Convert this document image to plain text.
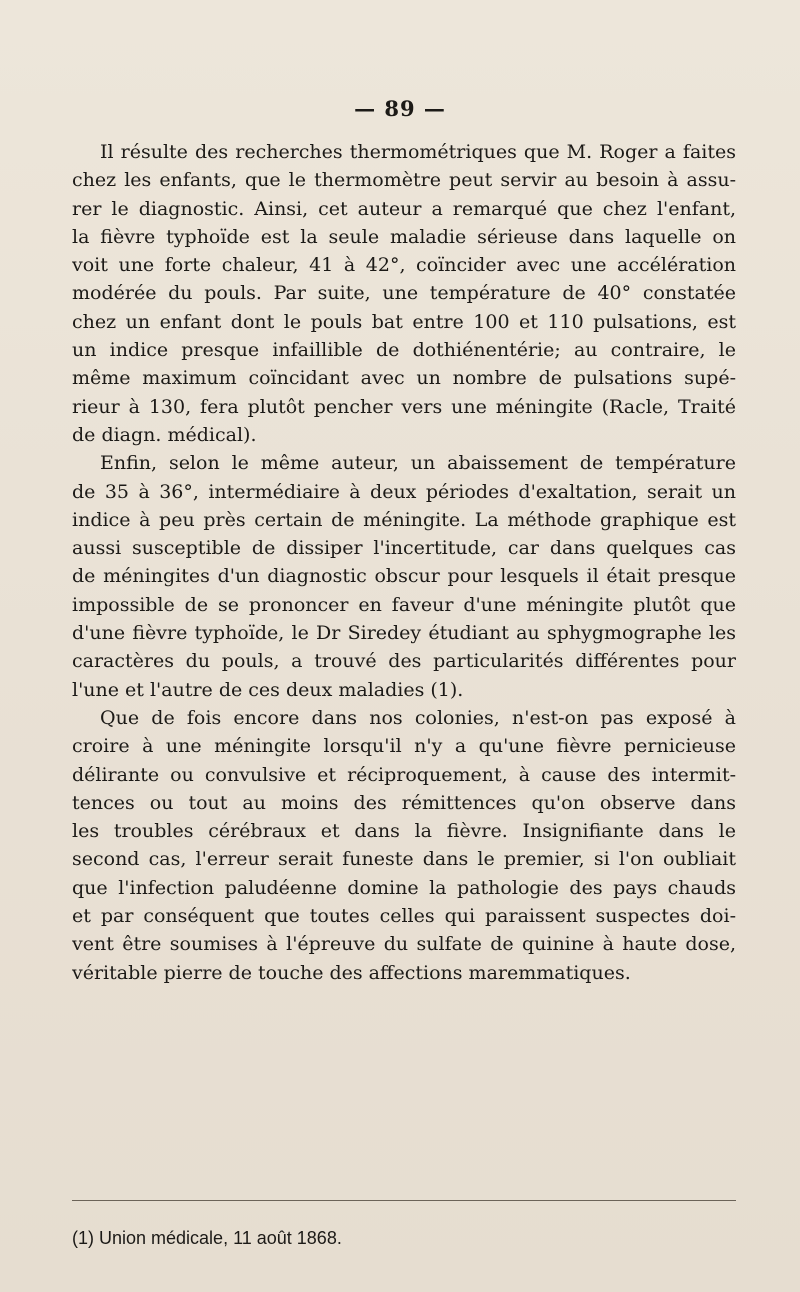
— 89 —
Il résulte des recherches thermométriques que M. Roger a faites
chez les enfants, que le thermomètre peut servir au besoin à assu-
rer le diagnostic. Ainsi, cet auteur a remarqué que chez l'enfant,
la fièvre typhoïde est la seule maladie sérieuse dans laquelle on
voit une forte chaleur, 41 à 42°, coïncider avec une accélération
modérée du pouls. Par suite, une température de 40° constatée
chez un enfant dont le pouls bat entre 100 et 110 pulsations, est
un indice presque infaillible de dothiénentérie; au contraire, le
même maximum coïncidant avec un nombre de pulsations supé-
rieur à 130, fera plutôt pencher vers une méningite (Racle, Traité
de diagn. médical).
Enfin, selon le même auteur, un abaissement de température
de 35 à 36°, intermédiaire à deux périodes d'exaltation, serait un
indice à peu près certain de méningite. La méthode graphique est
aussi susceptible de dissiper l'incertitude, car dans quelques cas
de méningites d'un diagnostic obscur pour lesquels il était presque
impossible de se prononcer en faveur d'une méningite plutôt que
d'une fièvre typhoïde, le Dr Siredey étudiant au sphygmographe les
caractères du pouls, a trouvé des particularités différentes pour
l'une et l'autre de ces deux maladies (1).
Que de fois encore dans nos colonies, n'est-on pas exposé à
croire à une méningite lorsqu'il n'y a qu'une fièvre pernicieuse
délirante ou convulsive et réciproquement, à cause des intermit-
tences ou tout au moins des rémittences qu'on observe dans
les troubles cérébraux et dans la fièvre. Insignifiante dans le
second cas, l'erreur serait funeste dans le premier, si l'on oubliait
que l'infection paludéenne domine la pathologie des pays chauds
et par conséquent que toutes celles qui paraissent suspectes doi-
vent être soumises à l'épreuve du sulfate de quinine à haute dose,
véritable pierre de touche des affections maremmatiques.
(1) Union médicale, 11 août 1868.
